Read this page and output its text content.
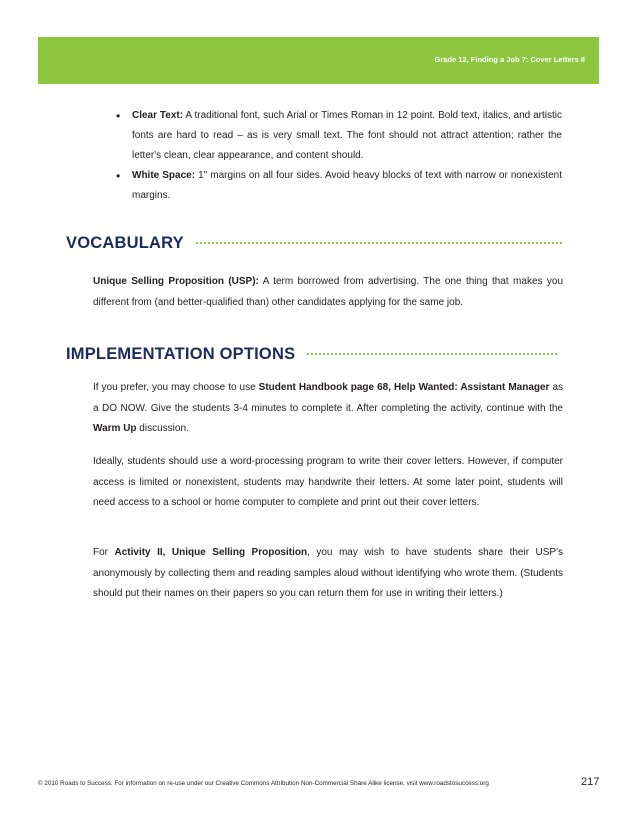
Grade 12, Finding a Job 7: Cover Letters II
• Clear Text: A traditional font, such Arial or Times Roman in 12 point. Bold text, italics, and artistic fonts are hard to read – as is very small text. The font should not attract attention; rather the letter's clean, clear appearance, and content should.
• White Space: 1" margins on all four sides. Avoid heavy blocks of text with narrow or nonexistent margins.
VOCABULARY
Unique Selling Proposition (USP): A term borrowed from advertising. The one thing that makes you different from (and better-qualified than) other candidates applying for the same job.
IMPLEMENTATION OPTIONS
If you prefer, you may choose to use Student Handbook page 68, Help Wanted: Assistant Manager as a DO NOW. Give the students 3-4 minutes to complete it. After completing the activity, continue with the Warm Up discussion.
Ideally, students should use a word-processing program to write their cover letters. However, if computer access is limited or nonexistent, students may handwrite their letters. At some later point, students will need access to a school or home computer to complete and print out their cover letters.
For Activity II, Unique Selling Proposition, you may wish to have students share their USP's anonymously by collecting them and reading samples aloud without identifying who wrote them. (Students should put their names on their papers so you can return them for use in writing their letters.)
© 2010 Roads to Success. For information on re-use under our Creative Commons Attribution Non-Commercial Share Alike license, visit www.roadstosuccess.org	217
